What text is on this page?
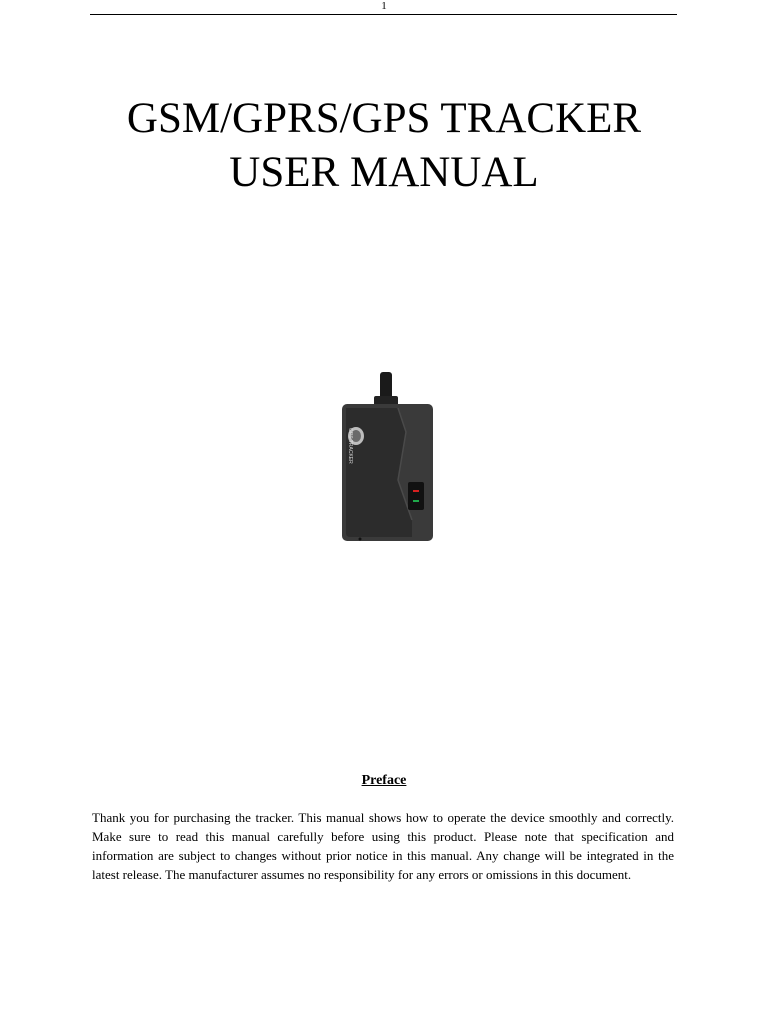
1
GSM/GPRS/GPS TRACKER
USER MANUAL
GPS TRACKER
Preface

Thank you for purchasing the tracker. This manual shows how to operate the device smoothly and correctly. Make sure to read this manual carefully before using this product. Please note that specification and information are subject to changes without prior notice in this manual. Any change will be integrated in the latest release. The manufacturer assumes no responsibility for any errors or omissions in this document.
